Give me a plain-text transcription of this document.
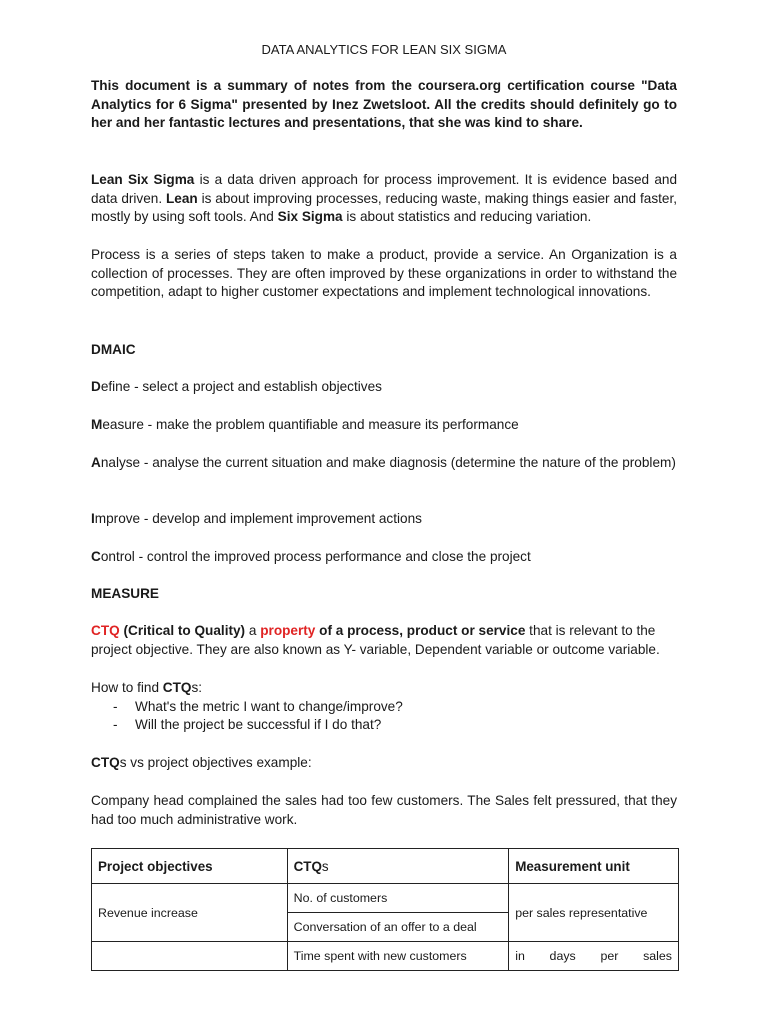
DATA ANALYTICS FOR LEAN SIX SIGMA

This document is a summary of notes from the coursera.org certification course "Data Analytics for 6 Sigma" presented by Inez Zwetsloot. All the credits should definitely go to her and her fantastic lectures and presentations, that she was kind to share.

Lean Six Sigma is a data driven approach for process improvement. It is evidence based and data driven. Lean is about improving processes, reducing waste, making things easier and faster, mostly by using soft tools. And Six Sigma is about statistics and reducing variation.

Process is a series of steps taken to make a product, provide a service. An Organization is a collection of processes. They are often improved by these organizations in order to withstand the competition, adapt to higher customer expectations and implement technological innovations.

DMAIC

Define - select a project and establish objectives

Measure - make the problem quantifiable and measure its performance

Analyse - analyse the current situation and make diagnosis (determine the nature of the problem)

Improve - develop and implement improvement actions

Control - control the improved process performance and close the project

MEASURE

CTQ (Critical to Quality) a property of a process, product or service that is relevant to the project objective. They are also known as Y- variable, Dependent variable or outcome variable.

How to find CTQs:

- What's the metric I want to change/improve?
- Will the project be successful if I do that?

CTQs vs project objectives example:

Company head complained the sales had too few customers. The Sales felt pressured, that they had too much administrative work.

Project objectives	CTQs	Measurement unit
Revenue increase	No. of customers	per sales representative
	Conversation of an offer to a deal	
	Time spent with new customers	in days per sales
